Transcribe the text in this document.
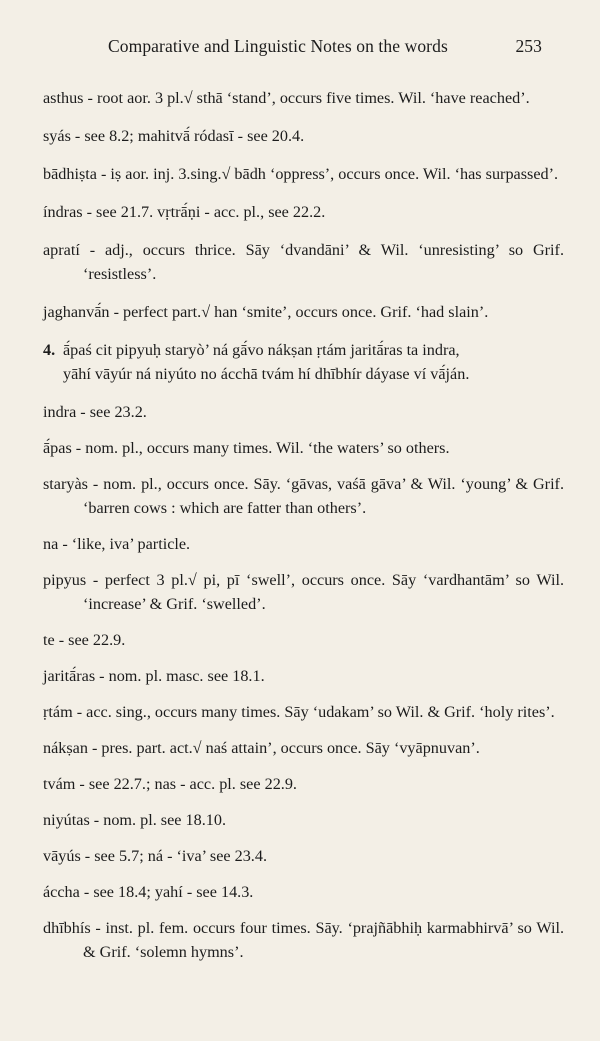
Comparative and Linguistic Notes on the words	253
asthus - root aor. 3 pl.√ sthā ‘stand’, occurs five times. Wil. ‘have reached’.
syás - see 8.2; mahitvā́ ródasī - see 20.4.
bādhiṣta - iṣ aor. inj. 3.sing.√ bādh ‘oppress’, occurs once. Wil. ‘has surpassed’.
índras - see 21.7. vṛtrā́ṇi - acc. pl., see 22.2.
apratí - adj., occurs thrice. Sāy ‘dvandāni’ & Wil. ‘unresisting’ so Grif. ‘resistless’.
jaghanvā́n - perfect part.√ han ‘smite’, occurs once. Grif. ‘had slain’.
4. ā́paś cit pipyuḥ staryò’ ná gā́vo nákṣan ṛtám jaritā́ras ta indra,
yāhí vāyúr ná niyúto no ácchā tvám hí dhībhír dáyase ví vā́ján.
indra - see 23.2.
ā́pas - nom. pl., occurs many times. Wil. ‘the waters’ so others.
staryàs - nom. pl., occurs once. Sāy. ‘gāvas, vaśā gāva’ & Wil. ‘young’ & Grif. ‘barren cows : which are fatter than others’.
na - ‘like, iva’ particle.
pipyus - perfect 3 pl.√ pi, pī ‘swell’, occurs once. Sāy ‘vardhantām’ so Wil. ‘increase’ & Grif. ‘swelled’.
te - see 22.9.
jaritā́ras - nom. pl. masc. see 18.1.
ṛtám - acc. sing., occurs many times. Sāy ‘udakam’ so Wil. & Grif. ‘holy rites’.
nákṣan - pres. part. act.√ naś attain’, occurs once. Sāy ‘vyāpnuvan’.
tvám - see 22.7.; nas - acc. pl. see 22.9.
niyútas - nom. pl. see 18.10.
vāyús - see 5.7; ná - ‘iva’ see 23.4.
áccha - see 18.4; yahí - see 14.3.
dhībhís - inst. pl. fem. occurs four times. Sāy. ‘prajñābhiḥ karmabhirvā’ so Wil. & Grif. ‘solemn hymns’.
